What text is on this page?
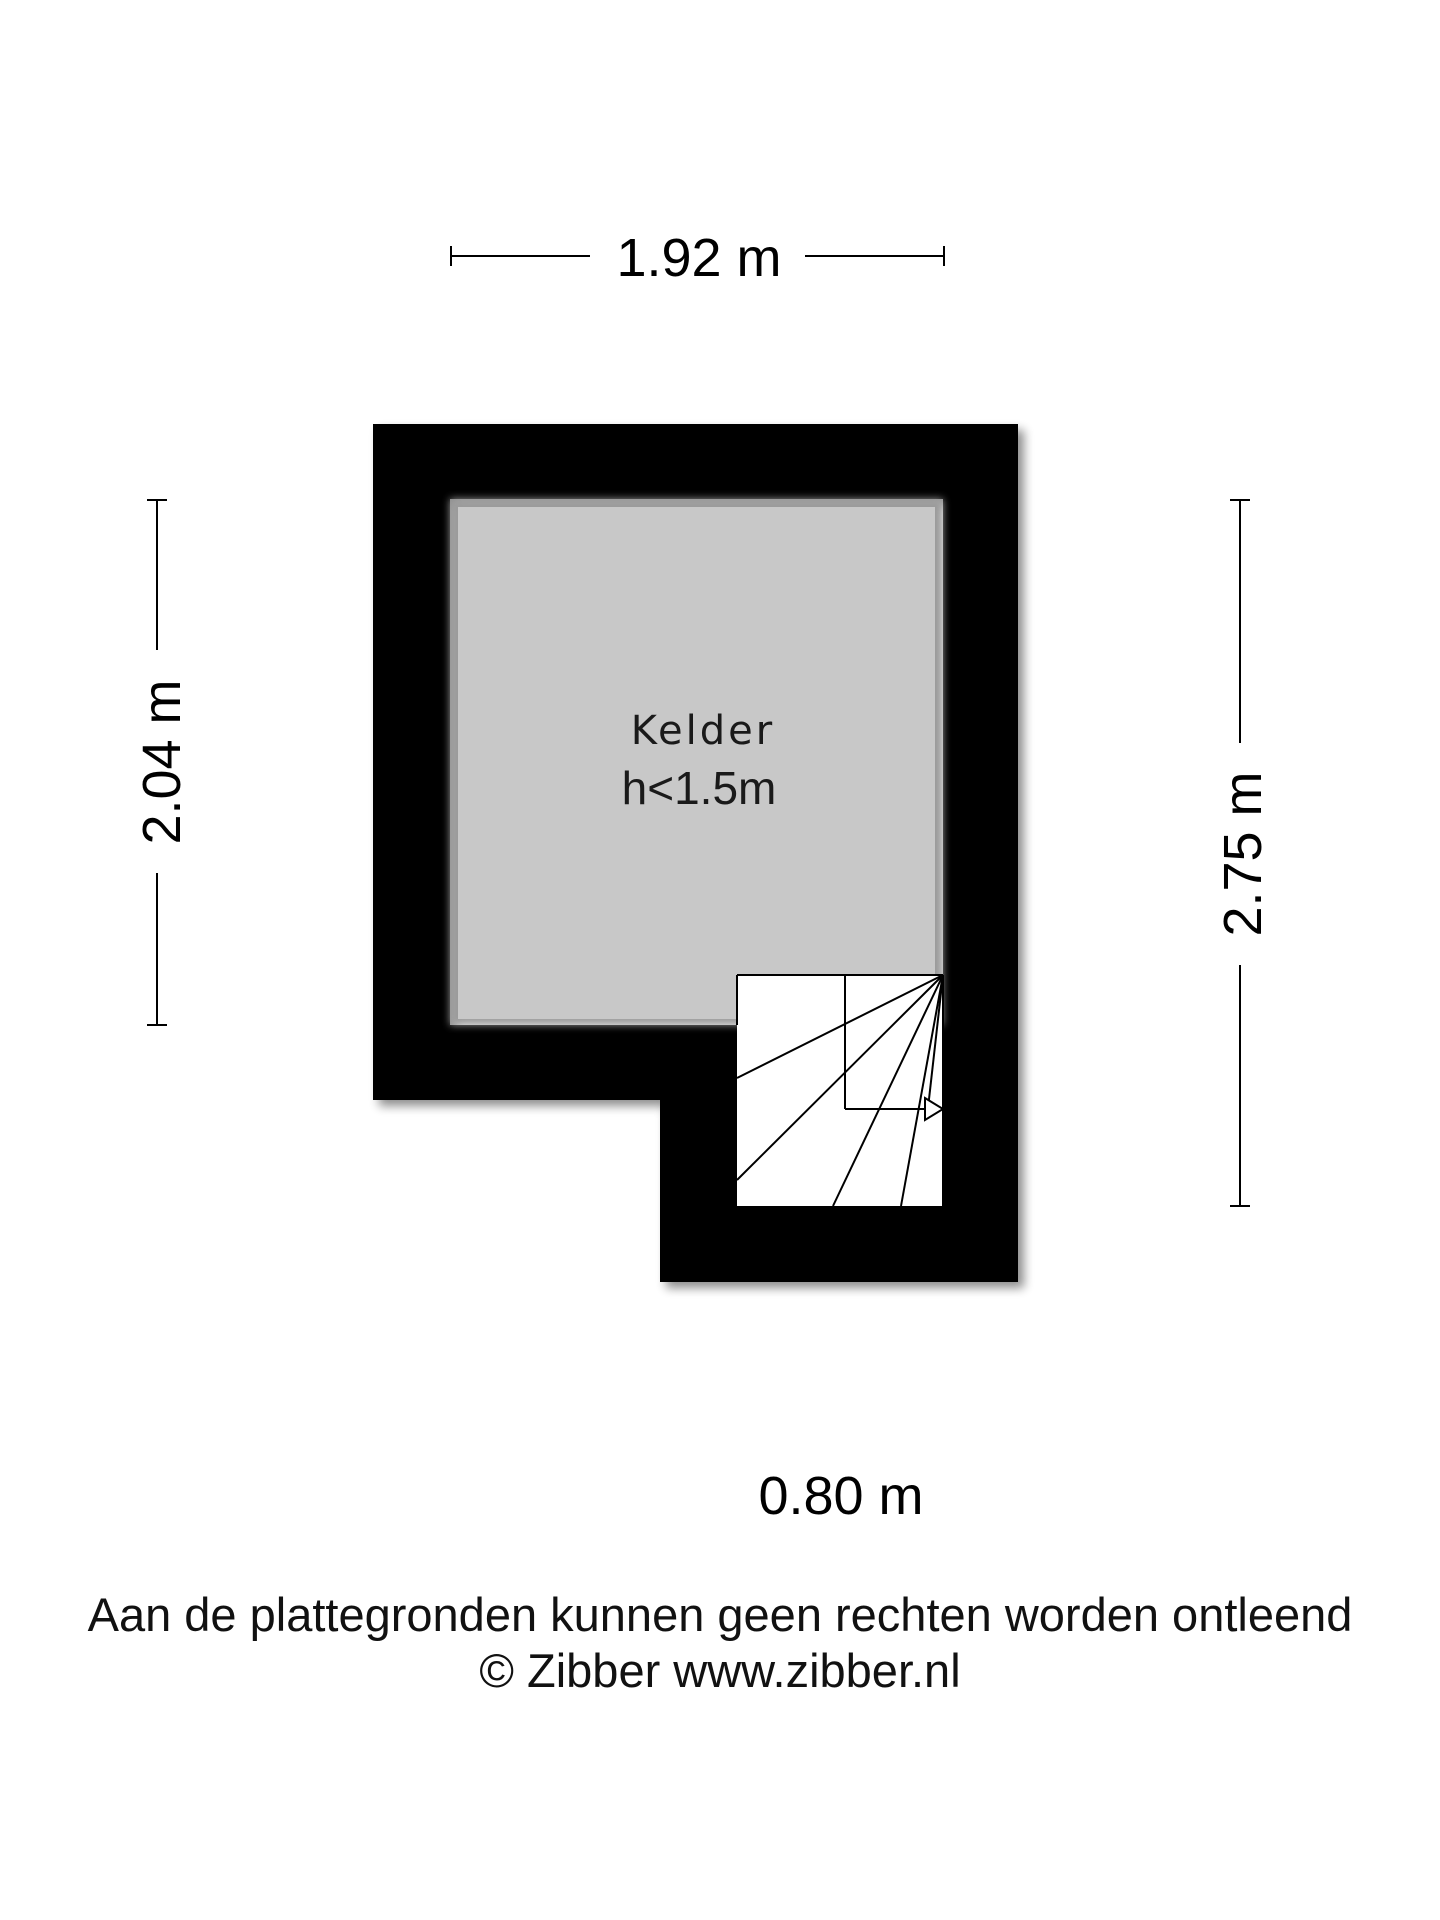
1.92 m
2.04 m
2.75 m
Kelder
h<1.5m
0.80 m
Aan de plattegronden kunnen geen rechten worden ontleend
© Zibber www.zibber.nl
